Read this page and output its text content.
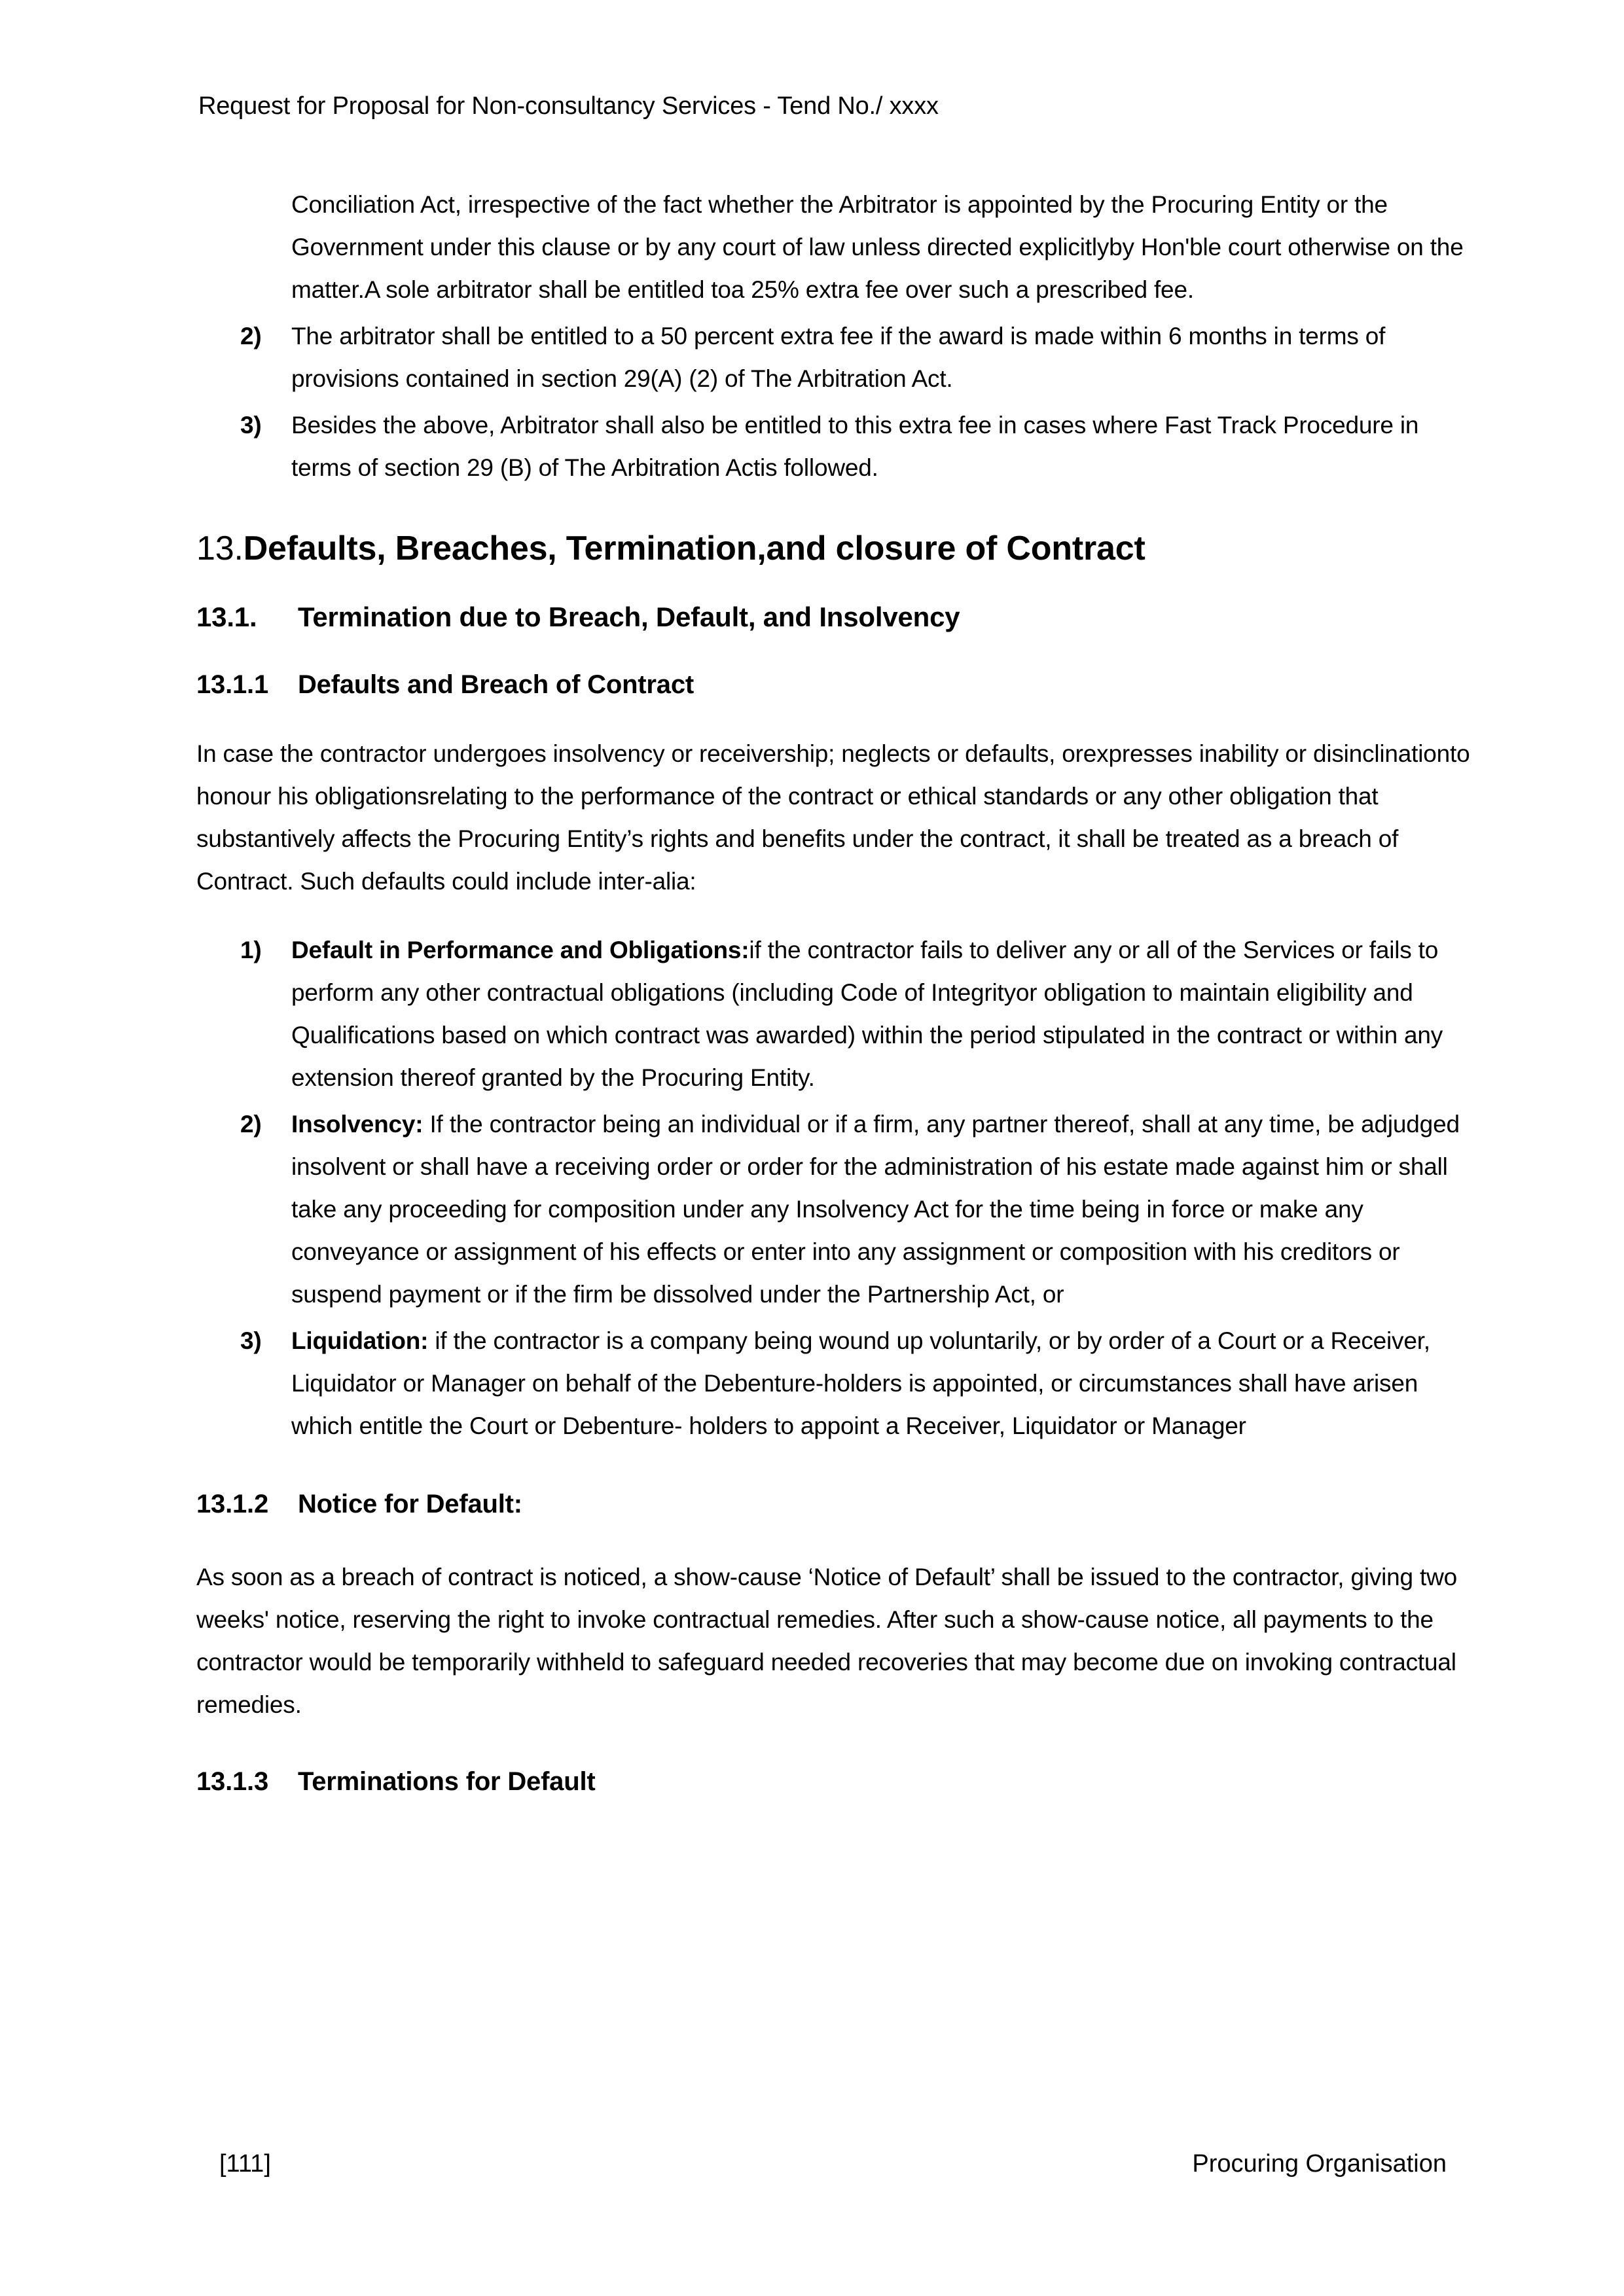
Request for Proposal for Non-consultancy Services - Tend No./ xxxx

Conciliation Act, irrespective of the fact whether the Arbitrator is appointed by the Procuring Entity or the Government under this clause or by any court of law unless directed explicitlyby Hon'ble court otherwise on the matter.A sole arbitrator shall be entitled toa 25% extra fee over such a prescribed fee.

2) The arbitrator shall be entitled to a 50 percent extra fee if the award is made within 6 months in terms of provisions contained in section 29(A) (2) of The Arbitration Act.
3) Besides the above, Arbitrator shall also be entitled to this extra fee in cases where Fast Track Procedure in terms of section 29 (B) of The Arbitration Actis followed.
13.Defaults, Breaches, Termination,and closure of Contract
13.1. Termination due to Breach, Default, and Insolvency
13.1.1 Defaults and Breach of Contract

In case the contractor undergoes insolvency or receivership; neglects or defaults, orexpresses inability or disinclinationto honour his obligationsrelating to the performance of the contract or ethical standards or any other obligation that substantively affects the Procuring Entity’s rights and benefits under the contract, it shall be treated as a breach of Contract. Such defaults could include inter-alia:

1) Default in Performance and Obligations:if the contractor fails to deliver any or all of the Services or fails to perform any other contractual obligations (including Code of Integrityor obligation to maintain eligibility and Qualifications based on which contract was awarded) within the period stipulated in the contract or within any extension thereof granted by the Procuring Entity.
2) Insolvency: If the contractor being an individual or if a firm, any partner thereof, shall at any time, be adjudged insolvent or shall have a receiving order or order for the administration of his estate made against him or shall take any proceeding for composition under any Insolvency Act for the time being in force or make any conveyance or assignment of his effects or enter into any assignment or composition with his creditors or suspend payment or if the firm be dissolved under the Partnership Act, or
3) Liquidation: if the contractor is a company being wound up voluntarily, or by order of a Court or a Receiver, Liquidator or Manager on behalf of the Debenture-holders is appointed, or circumstances shall have arisen which entitle the Court or Debenture- holders to appoint a Receiver, Liquidator or Manager
13.1.2 Notice for Default:

As soon as a breach of contract is noticed, a show-cause ‘Notice of Default’ shall be issued to the contractor, giving two weeks' notice, reserving the right to invoke contractual remedies. After such a show-cause notice, all payments to the contractor would be temporarily withheld to safeguard needed recoveries that may become due on invoking contractual remedies.

13.1.3 Terminations for Default
[111]	Procuring Organisation
